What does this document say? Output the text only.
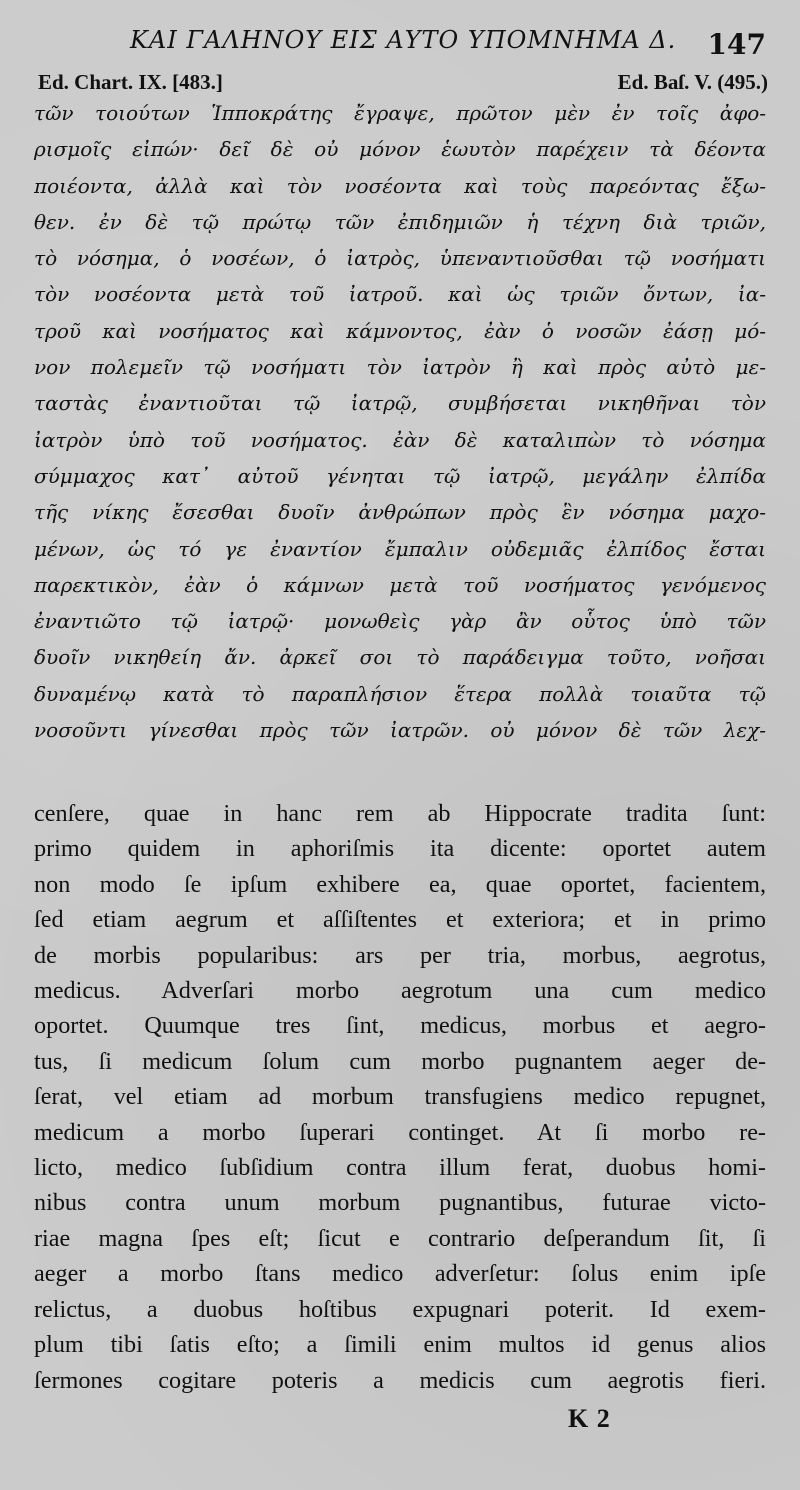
ΚΑΙ ΓΑΛΗΝΟΥ ΕΙΣ ΑΥΤΟ ΥΠΟΜΝΗΜΑ Δ.	147
Ed. Chart. IX. [483.]	Ed. Baſ. V. (495.)
τῶν τοιούτων Ἱπποκράτης ἔγραψε, πρῶτον μὲν ἐν τοῖς ἀφο-
ρισμοῖς εἰπών· δεῖ δὲ οὐ μόνον ἑωυτὸν παρέχειν τὰ δέοντα
ποιέοντα, ἀλλὰ καὶ τὸν νοσέοντα καὶ τοὺς παρεόντας ἔξω-
θεν. ἐν δὲ τῷ πρώτῳ τῶν ἐπιδημιῶν ἡ τέχνη διὰ τριῶν,
τὸ νόσημα, ὁ νοσέων, ὁ ἰατρὸς, ὑπεναντιοῦσθαι τῷ νοσήματι
τὸν νοσέοντα μετὰ τοῦ ἰατροῦ. καὶ ὡς τριῶν ὄντων, ἰα-
τροῦ καὶ νοσήματος καὶ κάμνοντος, ἐὰν ὁ νοσῶν ἐάσῃ μό-
νον πολεμεῖν τῷ νοσήματι τὸν ἰατρὸν ἢ καὶ πρὸς αὐτὸ με-
ταστὰς ἐναντιοῦται τῷ ἰατρῷ, συμβήσεται νικηθῆναι τὸν
ἰατρὸν ὑπὸ τοῦ νοσήματος. ἐὰν δὲ καταλιπὼν τὸ νόσημα
σύμμαχος κατ᾽ αὐτοῦ γένηται τῷ ἰατρῷ, μεγάλην ἐλπίδα
τῆς νίκης ἔσεσθαι δυοῖν ἀνθρώπων πρὸς ἓν νόσημα μαχο-
μένων, ὡς τό γε ἐναντίον ἔμπαλιν οὐδεμιᾶς ἐλπίδος ἔσται
παρεκτικὸν, ἐὰν ὁ κάμνων μετὰ τοῦ νοσήματος γενόμενος
ἐναντιῶτο τῷ ἰατρῷ· μονωθεὶς γὰρ ἂν οὗτος ὑπὸ τῶν
δυοῖν νικηθείη ἄν. ἀρκεῖ σοι τὸ παράδειγμα τοῦτο, νοῆσαι
δυναμένῳ κατὰ τὸ παραπλήσιον ἕτερα πολλὰ τοιαῦτα τῷ
νοσοῦντι γίνεσθαι πρὸς τῶν ἰατρῶν. οὐ μόνον δὲ τῶν λεχ-
cenſere, quae in hanc rem ab Hippocrate tradita ſunt:
primo quidem in aphoriſmis ita dicente: oportet autem
non modo ſe ipſum exhibere ea, quae oportet, facientem,
ſed etiam aegrum et aſſiſtentes et exteriora; et in primo
de morbis popularibus: ars per tria, morbus, aegrotus,
medicus. Adverſari morbo aegrotum una cum medico
oportet. Quumque tres ſint, medicus, morbus et aegro-
tus, ſi medicum ſolum cum morbo pugnantem aeger de-
ſerat, vel etiam ad morbum transfugiens medico repugnet,
medicum a morbo ſuperari continget. At ſi morbo re-
licto, medico ſubſidium contra illum ferat, duobus homi-
nibus contra unum morbum pugnantibus, futurae victo-
riae magna ſpes eſt; ſicut e contrario deſperandum ſit, ſi
aeger a morbo ſtans medico adverſetur: ſolus enim ipſe
relictus, a duobus hoſtibus expugnari poterit. Id exem-
plum tibi ſatis eſto; a ſimili enim multos id genus alios
ſermones cogitare poteris a medicis cum aegrotis fieri.
K 2
